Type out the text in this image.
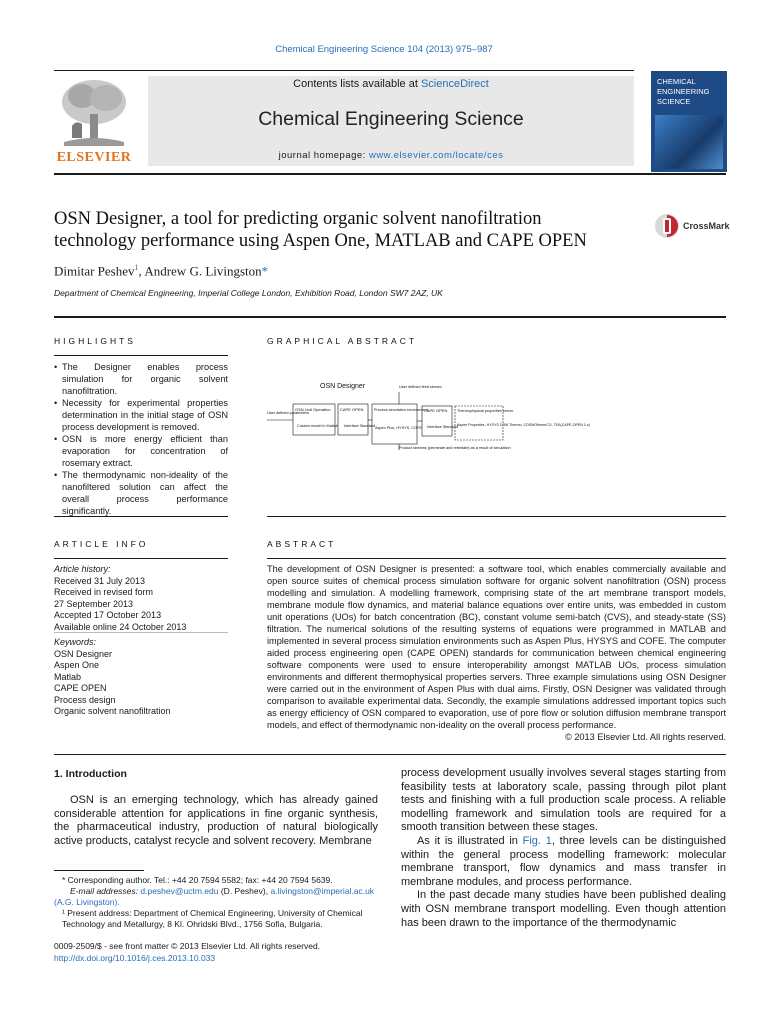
Chemical Engineering Science 104 (2013) 975–987
ELSEVIER
Contents lists available at ScienceDirect
Chemical Engineering Science
journal homepage: www.elsevier.com/locate/ces
CHEMICAL
ENGINEERING
SCIENCE
OSN Designer, a tool for predicting organic solvent nanofiltration
technology performance using Aspen One, MATLAB and CAPE OPEN
CrossMark
Dimitar Peshev$^1$, Andrew G. Livingston*
Department of Chemical Engineering, Imperial College London, Exhibition Road, London SW7 2AZ, UK
HIGHLIGHTS
• The Designer enables process simulation for organic solvent nanofiltration.
• Necessity for experimental properties determination in the initial stage of OSN process development is removed.
• OSN is more energy efficient than evaporation for concentration of rosemary extract.
• The thermodynamic non-ideality of the nanofiltered solution can affect the overall process performance significantly.
GRAPHICAL ABSTRACT
OSN Designer	User defined feed stream
User defined parameters
OSN Unit Operation CAPE OPEN	Process simulation environment
CAPE OPEN	Thermophysical properties server
Custom model in Matlab Interface Standard Aspen Plus, HYSYS, COFE Interface Standard
Aspen Properties, HYSYS COM Thermo, COSMOthermCO, TEA(CAPE-OPEN 1.x)
Product streams (permeate and retentate) as a result of simulation
ARTICLE INFO
Article history:
Received 31 July 2013
Received in revised form
27 September 2013
Accepted 17 October 2013
Available online 24 October 2013
Keywords:
OSN Designer
Aspen One
Matlab
CAPE OPEN
Process design
Organic solvent nanofiltration
ABSTRACT
The development of OSN Designer is presented: a software tool, which enables commercially available and open source suites of chemical process simulation software for organic solvent nanofiltration (OSN) process modelling and simulation. A modelling framework, comprising state of the art membrane transport models, membrane module flow dynamics, and material balance equations over entire units, was embedded in custom unit operations (UOs) for batch concentration (BC), constant volume semi-batch (CVS), and steady-state (SS) filtration. The numerical solutions of the resulting systems of equations were programmed in MATLAB and implemented in several process simulation environments such as Aspen Plus, HYSYS and COFE. The computer aided process engineering open (CAPE OPEN) standards for communication between chemical engineering software components were used to ensure interoperability amongst MATLAB UOs, process simulation environments and different thermophysical properties servers. Three example simulations using OSN Designer were carried out in the environment of Aspen Plus with dual aims. Firstly, OSN Designer was validated through comparison to available experimental data. Secondly, the example simulations addressed important topics such as energy efficiency of OSN compared to evaporation, use of pore flow or solution diffusion membrane transport models, and effect of thermodynamic non-ideality on the overall process performance.
© 2013 Elsevier Ltd. All rights reserved.
1. Introduction

OSN is an emerging technology, which has already gained considerable attention for applications in fine organic synthesis, the pharmaceutical industry, production of natural biologically active products, catalyst recycle and solvent recovery. Membrane

process development usually involves several stages starting from feasibility tests at laboratory scale, passing through pilot plant tests and finishing with a full production scale process. A reliable modelling framework and simulation tools are required for a smooth transition between these stages.

As it is illustrated in Fig. 1, three levels can be distinguished within the general process modelling framework: molecular membrane transport, flow dynamics and mass transfer in membrane modules, and process performance.

In the past decade many studies have been published dealing with OSN membrane transport modelling. Even though attention has been drawn to the importance of the thermodynamic

* Corresponding author. Tel.: +44 20 7594 5582; fax: +44 20 7594 5639.
E-mail addresses: d.peshev@uctm.edu (D. Peshev), a.livingston@imperial.ac.uk
(A.G. Livingston).
¹ Present address: Department of Chemical Engineering, University of Chemical Technology and Metallurgy, 8 Kl. Ohridski Blvd., 1756 Sofia, Bulgaria.
0009-2509/$ - see front matter © 2013 Elsevier Ltd. All rights reserved.
http://dx.doi.org/10.1016/j.ces.2013.10.033
